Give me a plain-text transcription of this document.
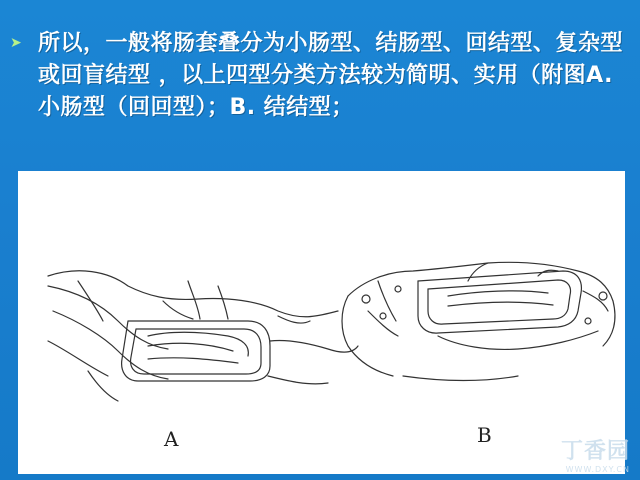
➤ 所以，一般将肠套叠分为小肠型、结肠型、回结型、复杂型或回盲结型 ，以上四型分类方法较为简明、实用（附图A.小肠型（回回型）；B. 结结型；
A	B
丁香园
WWW.DXY.CN
